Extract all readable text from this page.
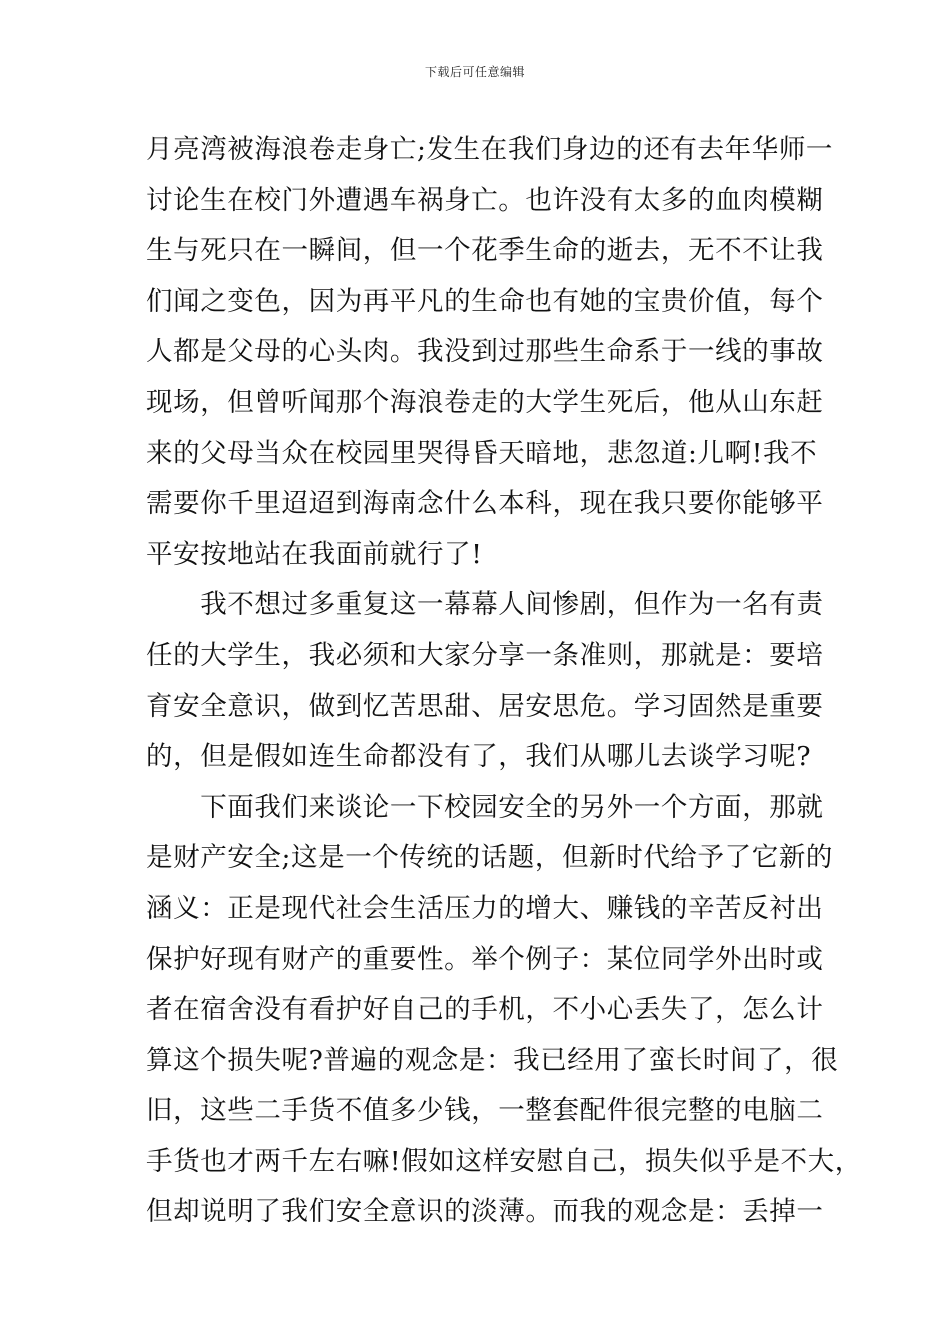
下载后可任意编辑
月亮湾被海浪卷走身亡;发生在我们身边的还有去年华师一
讨论生在校门外遭遇车祸身亡。也许没有太多的血肉模糊
生与死只在一瞬间，但一个花季生命的逝去，无不不让我
们闻之变色，因为再平凡的生命也有她的宝贵价值，每个
人都是父母的心头肉。我没到过那些生命系于一线的事故
现场，但曾听闻那个海浪卷走的大学生死后，他从山东赶
来的父母当众在校园里哭得昏天暗地，悲忽道:儿啊!我不
需要你千里迢迢到海南念什么本科，现在我只要你能够平
平安按地站在我面前就行了!
　　我不想过多重复这一幕幕人间惨剧，但作为一名有责
任的大学生，我必须和大家分享一条准则，那就是：要培
育安全意识，做到忆苦思甜、居安思危。学习固然是重要
的，但是假如连生命都没有了，我们从哪儿去谈学习呢?
　　下面我们来谈论一下校园安全的另外一个方面，那就
是财产安全;这是一个传统的话题，但新时代给予了它新的
涵义：正是现代社会生活压力的增大、赚钱的辛苦反衬出
保护好现有财产的重要性。举个例子：某位同学外出时或
者在宿舍没有看护好自己的手机，不小心丢失了，怎么计
算这个损失呢?普遍的观念是：我已经用了蛮长时间了，很
旧，这些二手货不值多少钱，一整套配件很完整的电脑二
手货也才两千左右嘛!假如这样安慰自己，损失似乎是不大，
但却说明了我们安全意识的淡薄。而我的观念是：丢掉一
